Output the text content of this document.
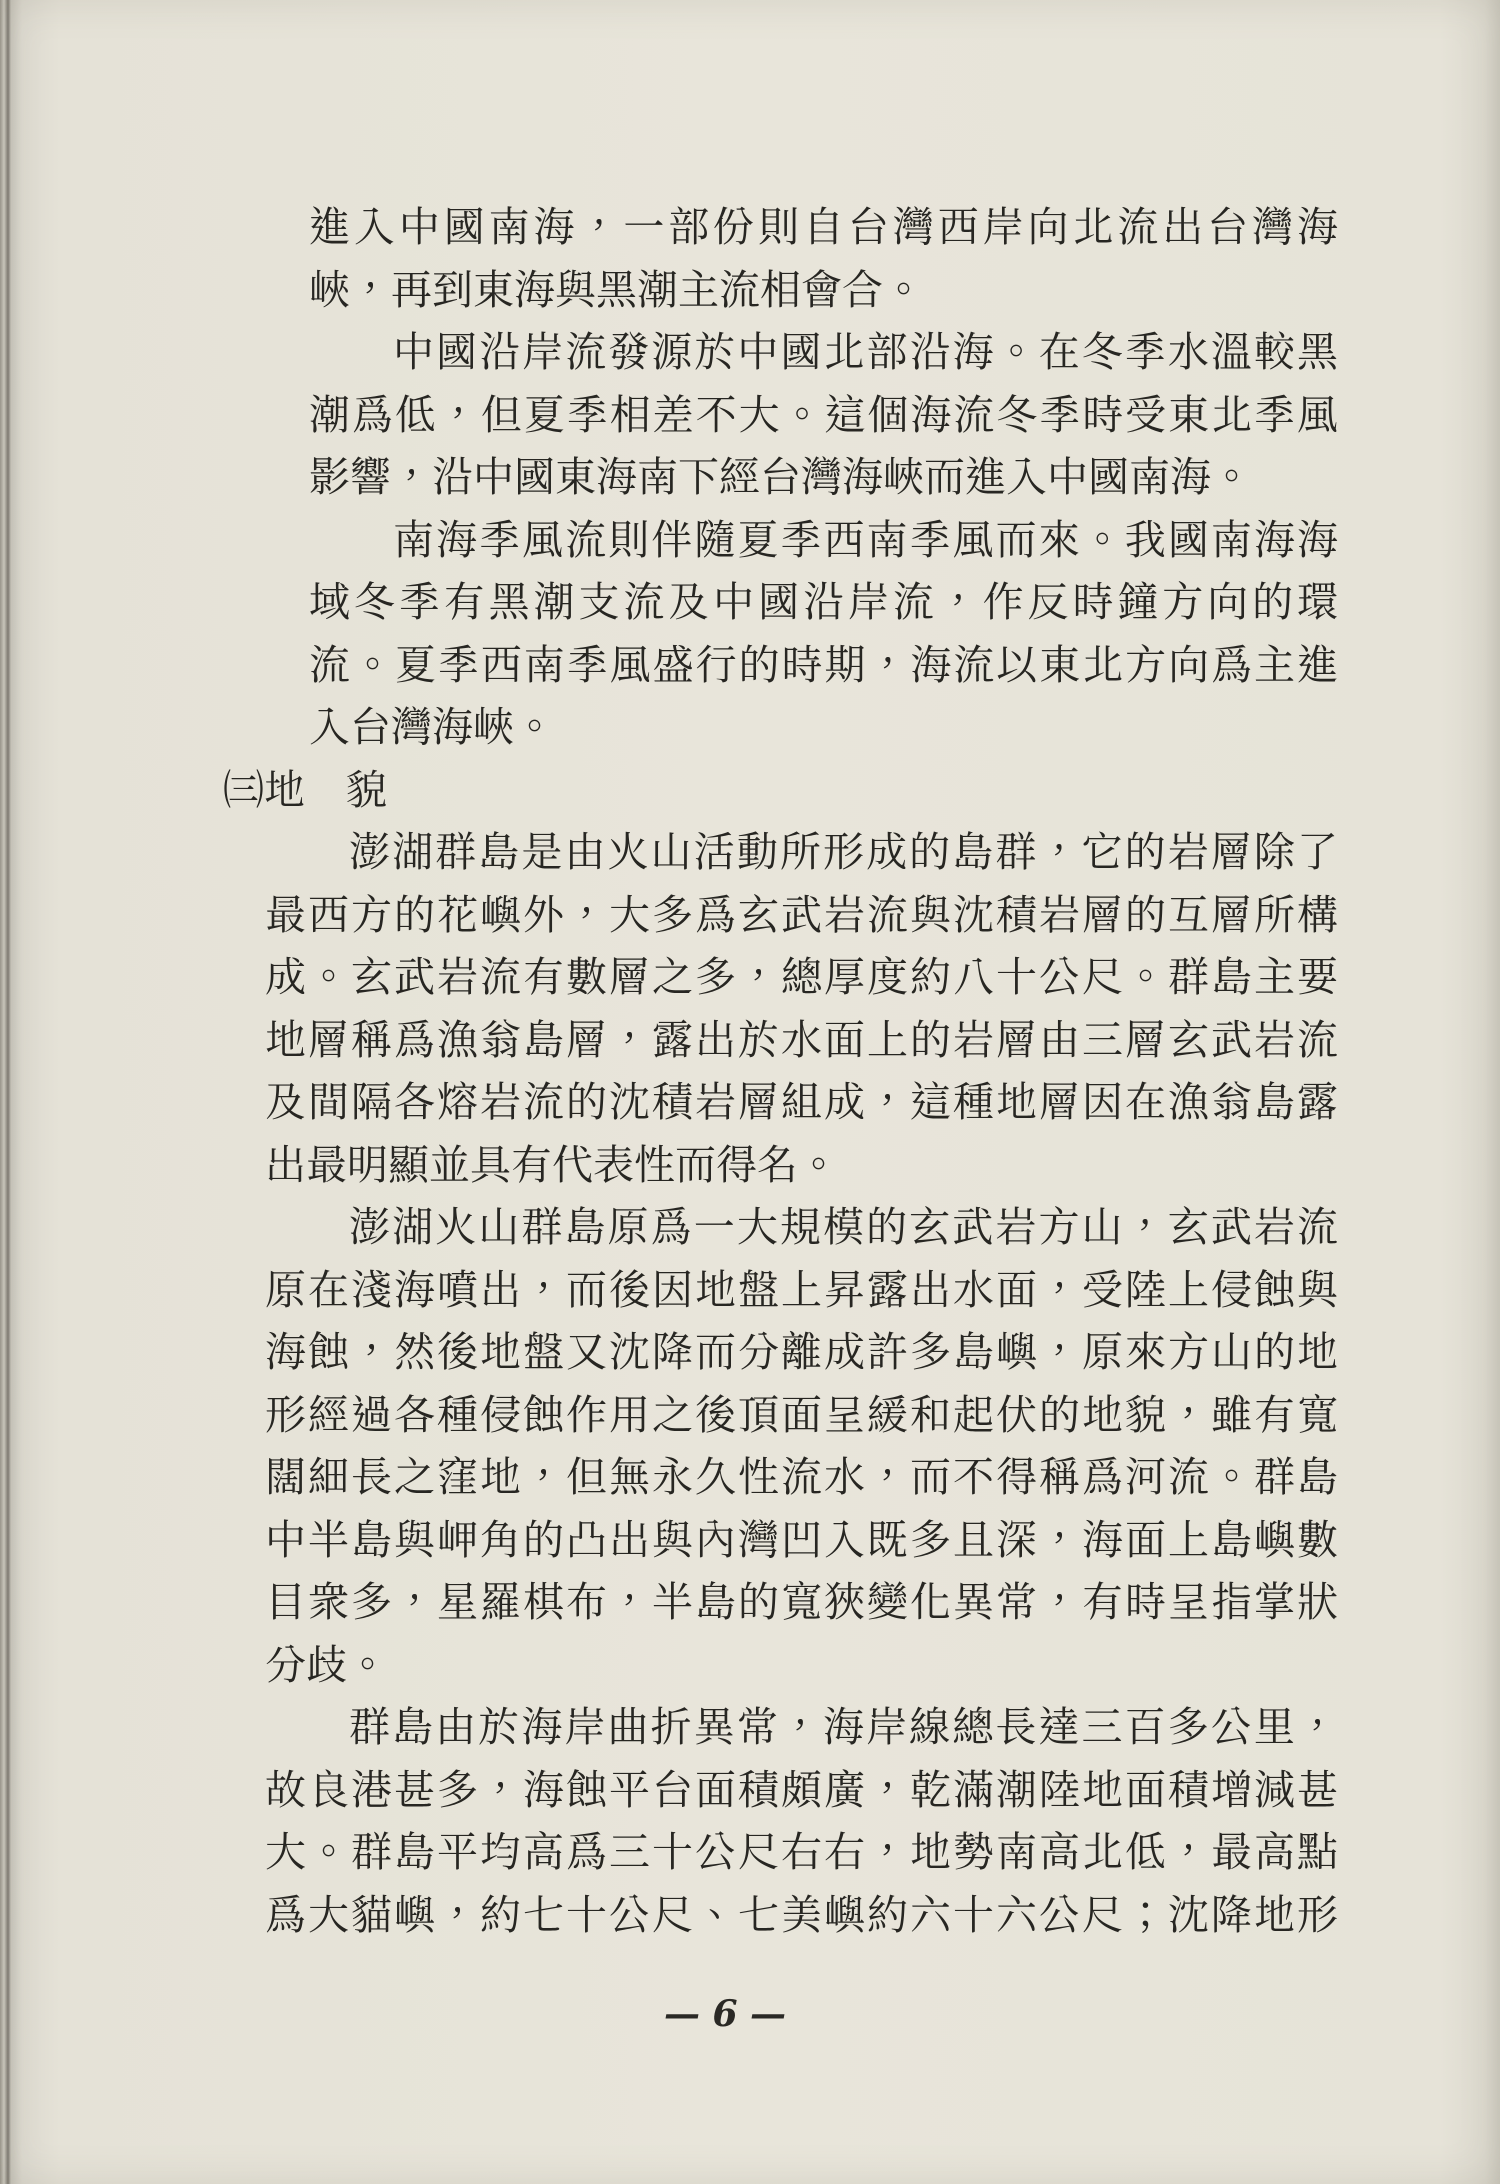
進入中國南海，一部份則自台灣西岸向北流出台灣海
峽，再到東海與黑潮主流相會合。
中國沿岸流發源於中國北部沿海。在冬季水溫較黑
潮爲低，但夏季相差不大。這個海流冬季時受東北季風
影響，沿中國東海南下經台灣海峽而進入中國南海。
南海季風流則伴隨夏季西南季風而來。我國南海海
域冬季有黑潮支流及中國沿岸流，作反時鐘方向的環
流。夏季西南季風盛行的時期，海流以東北方向爲主進
入台灣海峽。
㈢地　貌
澎湖群島是由火山活動所形成的島群，它的岩層除了
最西方的花嶼外，大多爲玄武岩流與沈積岩層的互層所構
成。玄武岩流有數層之多，總厚度約八十公尺。群島主要
地層稱爲漁翁島層，露出於水面上的岩層由三層玄武岩流
及間隔各熔岩流的沈積岩層組成，這種地層因在漁翁島露
出最明顯並具有代表性而得名。
澎湖火山群島原爲一大規模的玄武岩方山，玄武岩流
原在淺海噴出，而後因地盤上昇露出水面，受陸上侵蝕與
海蝕，然後地盤又沈降而分離成許多島嶼，原來方山的地
形經過各種侵蝕作用之後頂面呈緩和起伏的地貌，雖有寬
闊細長之窪地，但無永久性流水，而不得稱爲河流。群島
中半島與岬角的凸出與內灣凹入既多且深，海面上島嶼數
目衆多，星羅棋布，半島的寬狹變化異常，有時呈指掌狀
分歧。
群島由於海岸曲折異常，海岸線總長達三百多公里，
故良港甚多，海蝕平台面積頗廣，乾滿潮陸地面積增減甚
大。群島平均高爲三十公尺右右，地勢南高北低，最高點
爲大貓嶼，約七十公尺、七美嶼約六十六公尺；沈降地形
— 6 —
